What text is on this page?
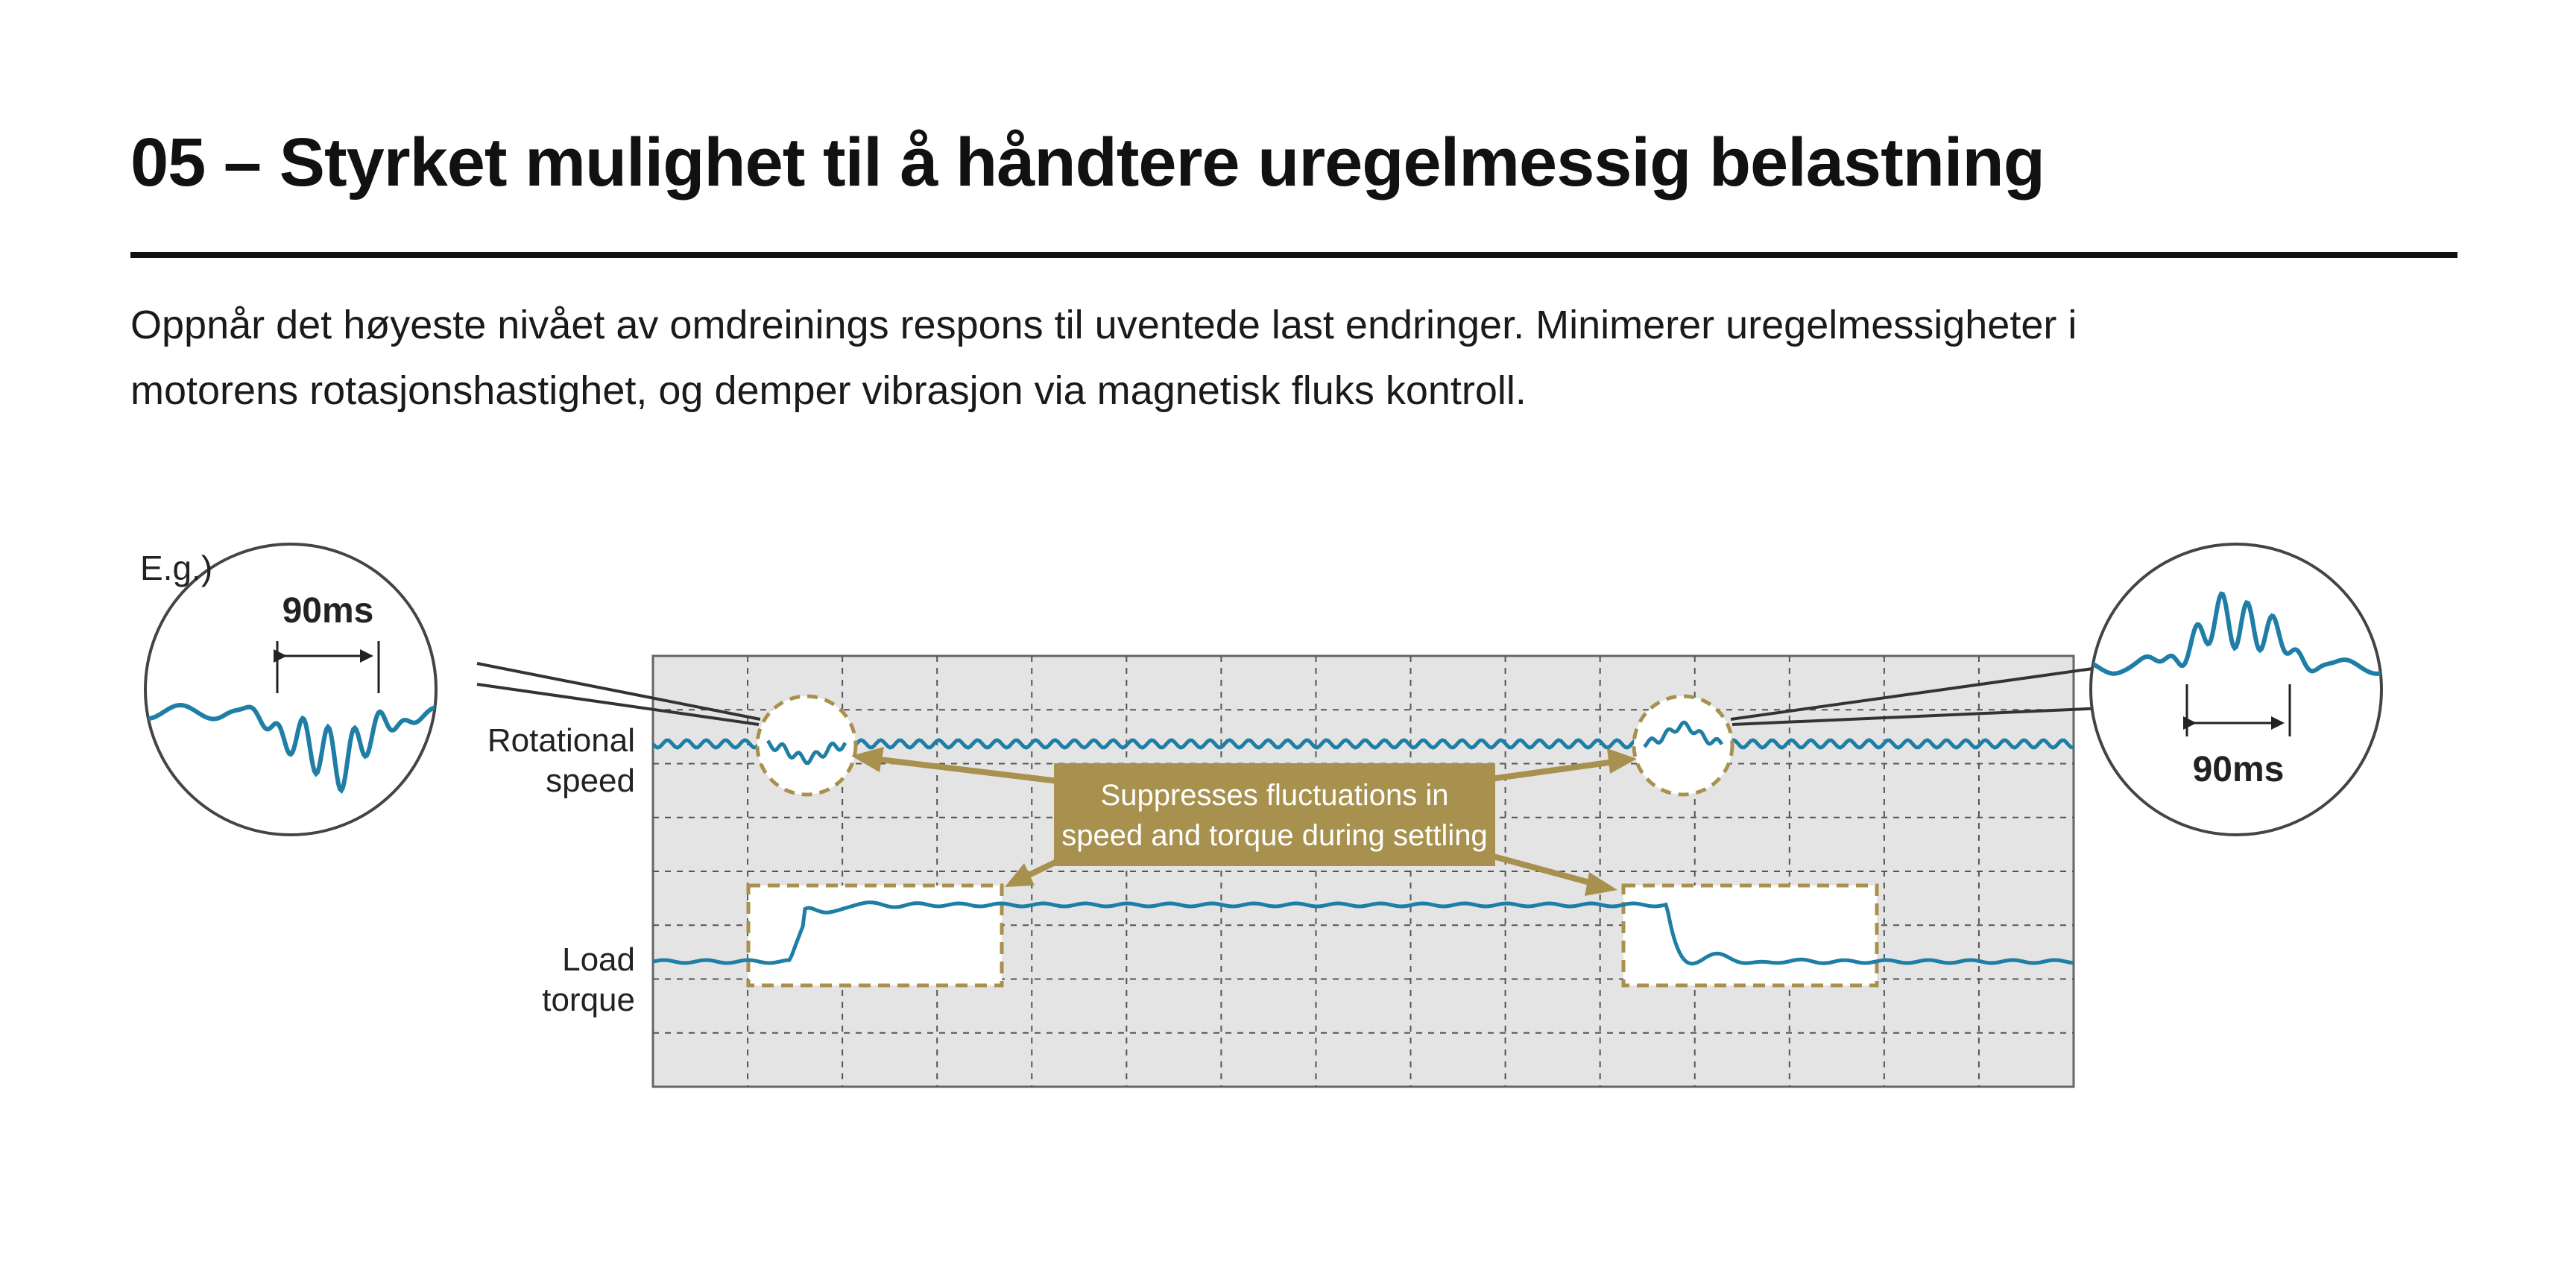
05 – Styrket mulighet til å håndtere uregelmessig belastning

Oppnår det høyeste nivået av omdreinings respons til uventede last endringer. Minimerer uregelmessigheter i
motorens rotasjonshastighet, og demper vibrasjon via magnetisk fluks kontroll.

Rotational
speed
Load
torque
90ms
90ms
E.g.)
Suppresses fluctuations in
speed and torque during settling
